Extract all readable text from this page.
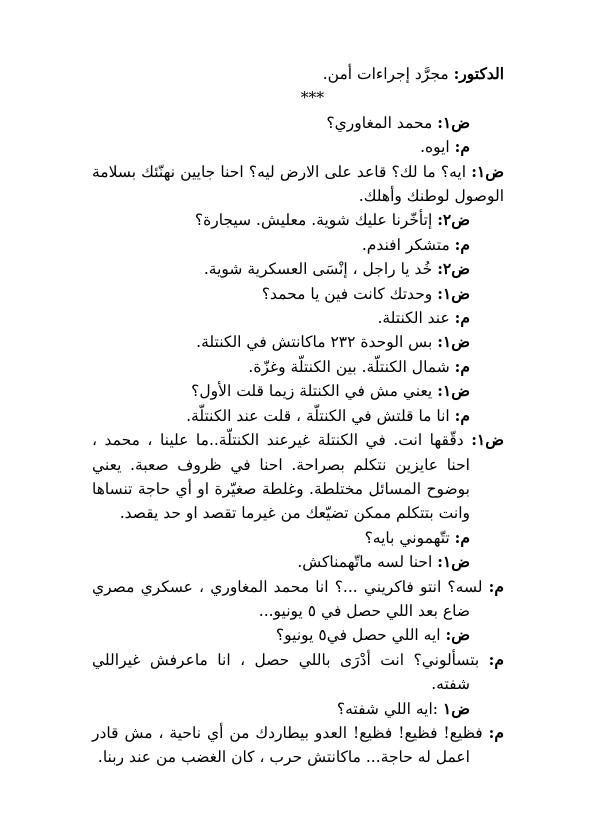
الدكتور: مجرَّد إجراءات أمن.
***
ض١: محمد المغاوري؟
م: ايوه.
ض١: ايه؟ ما لك؟ قاعد على الارض ليه؟ احنا جايين نهنّئك بسلامة الوصول لوطنك وأهلك.
ض٢: إتأخّرنا عليك شوية. معليش. سيجارة؟
م: متشكر افندم.
ض٢: خُد يا راجل ، إنْسَى العسكرية شوية.
ض١: وحدتك كانت فين يا محمد؟
م: عند الكنتلة.
ض١: بس الوحدة ٢٣٢ ماكانتش في الكنتلة.
م: شمال الكنتلّة. بين الكنتلّة وغزّة.
ض١: يعني مش في الكنتلة زيما قلت الأول؟
م: انا ما قلتش في الكنتلّة ، قلت عند الكنتلّة.
ض١: دقّقها انت. في الكنتلة غيرعند الكنتلّة..ما علينا ، محمد ، احنا عايزين نتكلم بصراحة. احنا في ظروف صعبة. يعني بوضوح المسائل مختلطة. وغلطة صغيّرة او أي حاجة تنساها وانت بتتكلم ممكن تضيّعك من غيرما تقصد او حد يقصد.
م: تتّهموني بايه؟
ض١: احنا لسه ماتّهمناكش.
م: لسه؟ انتو فاكريني ...؟ انا محمد المغاوري ، عسكري مصري ضاع بعد اللي حصل في ٥ يونيو...
ض: ايه اللي حصل في٥ يونيو؟
م: بتسألوني؟ انت أدْرَى باللي حصل ، انا ماعرفش غيراللي شفته.
ض١ :ايه اللي شفته؟
م: فظيع! فظيع! فظيع! العدو بيطاردك من أي ناحية ، مش قادر اعمل له حاجة... ماكانتش حرب ، كان الغضب من عند ربنا.
